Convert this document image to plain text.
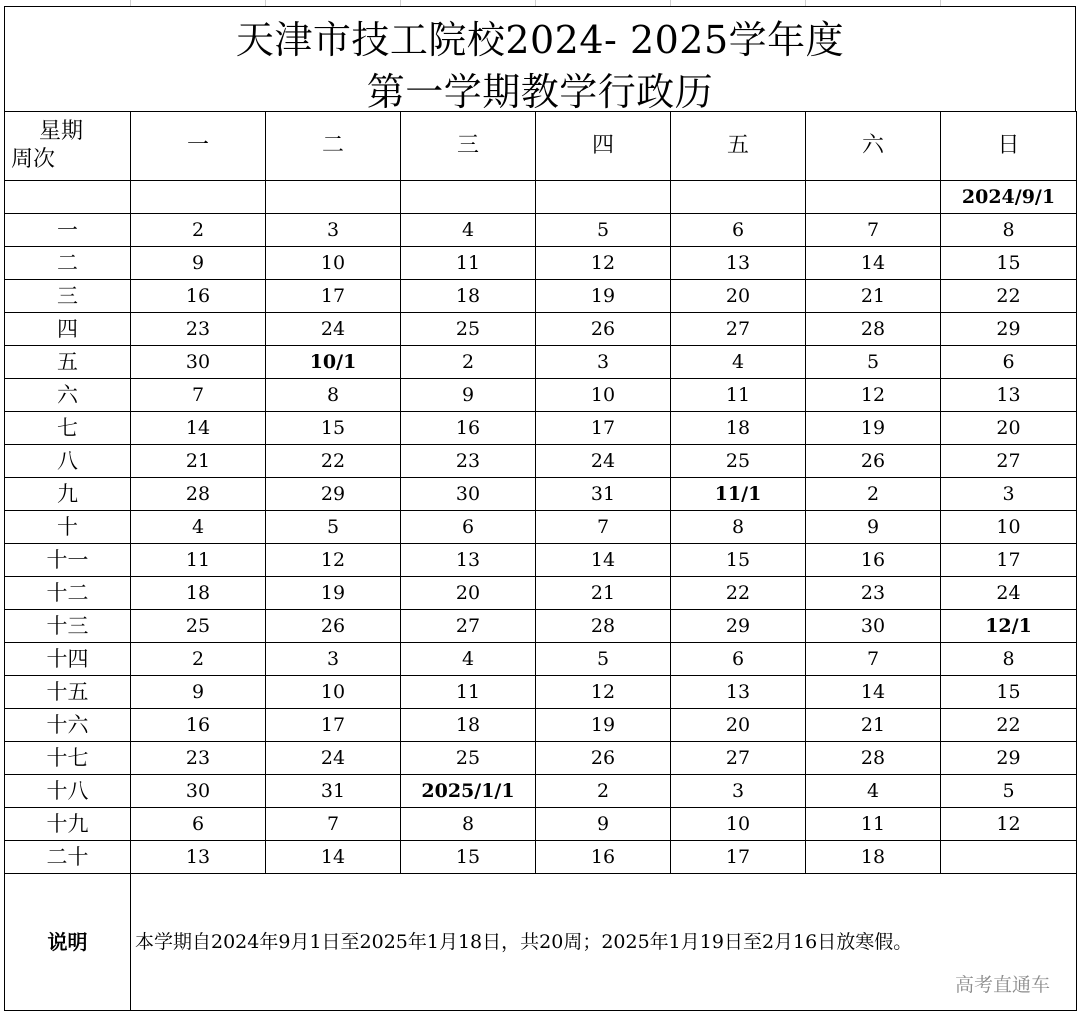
天津市技工院校2024- 2025学年度
第一学期教学行政历
星期
周次	一	二	三	四	五	六	日
							2024/9/1
一	2	3	4	5	6	7	8
二	9	10	11	12	13	14	15
三	16	17	18	19	20	21	22
四	23	24	25	26	27	28	29
五	30	10/1	2	3	4	5	6
六	7	8	9	10	11	12	13
七	14	15	16	17	18	19	20
八	21	22	23	24	25	26	27
九	28	29	30	31	11/1	2	3
十	4	5	6	7	8	9	10
十一	11	12	13	14	15	16	17
十二	18	19	20	21	22	23	24
十三	25	26	27	28	29	30	12/1
十四	2	3	4	5	6	7	8
十五	9	10	11	12	13	14	15
十六	16	17	18	19	20	21	22
十七	23	24	25	26	27	28	29
十八	30	31	2025/1/1	2	3	4	5
十九	6	7	8	9	10	11	12
二十	13	14	15	16	17	18	
说明	本学期自2024年9月1日至2025年1月18日，共20周；2025年1月19日至2月16日放寒假。						
高考直通车
